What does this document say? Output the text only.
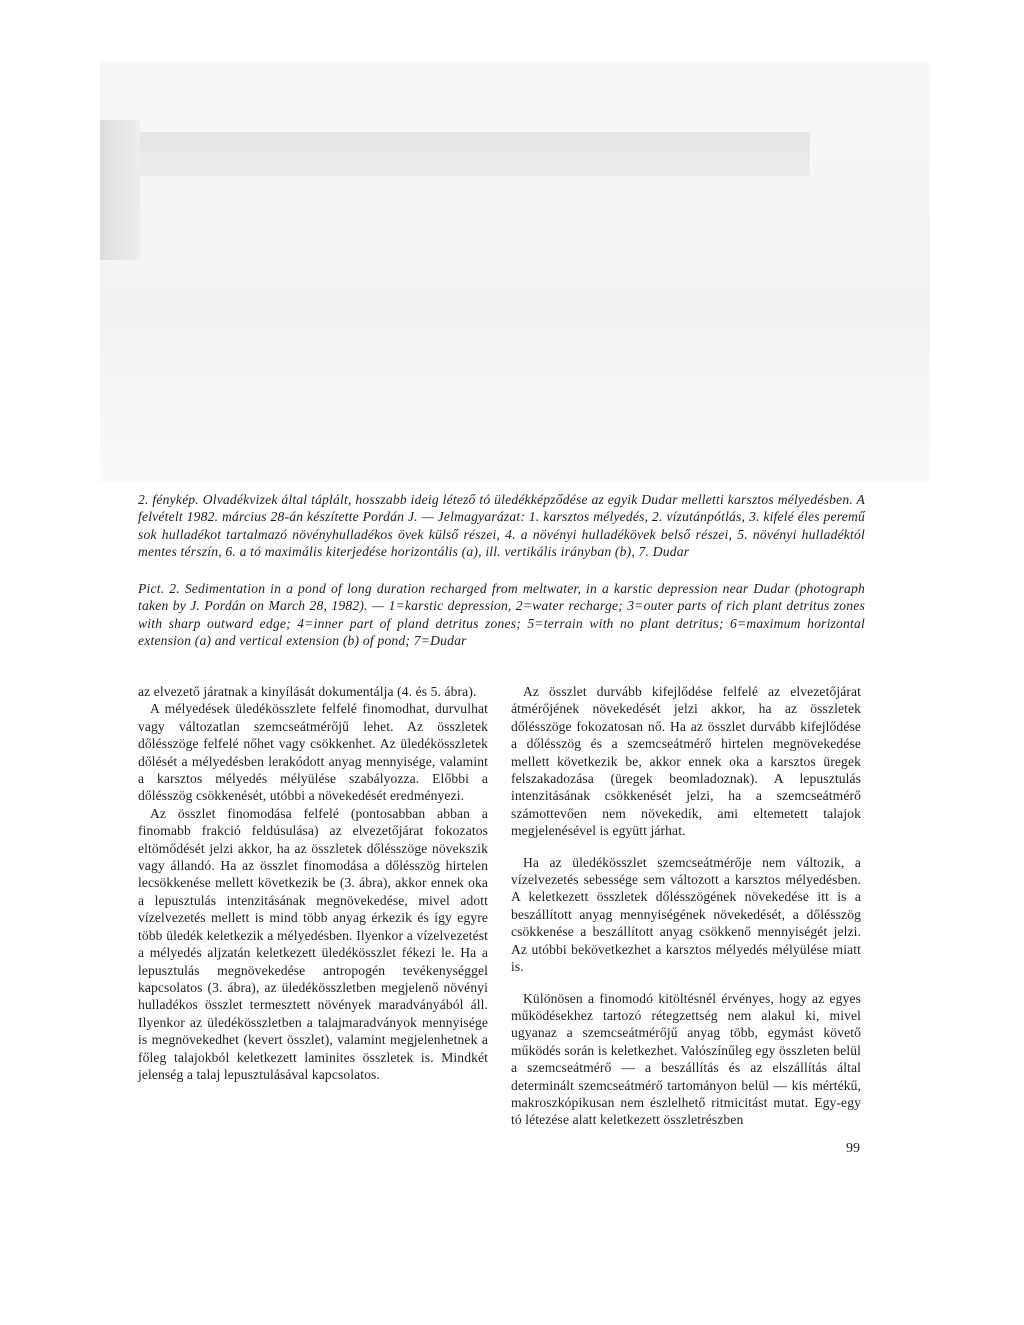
2. fénykép. Olvadékvizek által táplált, hosszabb ideig létező tó üledékképződése az egyik Dudar melletti karsztos mélyedésben. A felvételt 1982. március 28-án készítette Pordán J. — Jelmagyarázat: 1. karsztos mélyedés, 2. vízutánpótlás, 3. kifelé éles peremű sok hulladékot tartalmazó növényhulladékos övek külső részei, 4. a növényi hulladékövek belső részei, 5. növényi hulladéktól mentes térszín, 6. a tó maximális kiterjedése horizontális (a), ill. vertikális irányban (b), 7. Dudar

Pict. 2. Sedimentation in a pond of long duration recharged from meltwater, in a karstic depression near Dudar (photograph taken by J. Pordán on March 28, 1982). — 1=karstic depression, 2=water recharge; 3=outer parts of rich plant detritus zones with sharp outward edge; 4=inner part of pland detritus zones; 5=terrain with no plant detritus; 6=maximum horizontal extension (a) and vertical extension (b) of pond; 7=Dudar

az elvezető járatnak a kinyílását dokumentálja (4. és 5. ábra).

A mélyedések üledékösszlete felfelé finomodhat, durvulhat vagy változatlan szemcseátmérőjű lehet. Az összletek dőlésszöge felfelé nőhet vagy csökkenhet. Az üledékösszletek dőlését a mélyedésben lerakódott anyag mennyisége, valamint a karsztos mélyedés mélyülése szabályozza. Előbbi a dőlésszög csökkenését, utóbbi a növekedését eredményezi.

Az összlet finomodása felfelé (pontosabban abban a finomabb frakció feldúsulása) az elvezetőjárat fokozatos eltömődését jelzi akkor, ha az összletek dőlésszöge növekszik vagy állandó. Ha az összlet finomodása a dőlésszög hirtelen lecsökkenése mellett következik be (3. ábra), akkor ennek oka a lepusztulás intenzitásának megnövekedése, mivel adott vízelvezetés mellett is mind több anyag érkezik és így egyre több üledék keletkezik a mélyedésben. Ilyenkor a vízelvezetést a mélyedés aljzatán keletkezett üledékösszlet fékezi le. Ha a lepusztulás megnövekedése antropogén tevékenységgel kapcsolatos (3. ábra), az üledékösszletben megjelenő növényi hulladékos összlet termesztett növények maradványából áll. Ilyenkor az üledékösszletben a talajmaradványok mennyisége is megnövekedhet (kevert összlet), valamint megjelenhetnek a főleg talajokból keletkezett laminites összletek is. Mindkét jelenség a talaj lepusztulásával kapcsolatos.

Az összlet durvább kifejlődése felfelé az elvezetőjárat átmérőjének növekedését jelzi akkor, ha az összletek dőlésszöge fokozatosan nő. Ha az összlet durvább kifejlődése a dőlésszög és a szemcseátmérő hirtelen megnövekedése mellett következik be, akkor ennek oka a karsztos üregek felszakadozása (üregek beomladoznak). A lepusztulás intenzitásának csökkenését jelzi, ha a szemcseátmérő számottevően nem növekedik, ami eltemetett talajok megjelenésével is együtt járhat.

Ha az üledékösszlet szemcseátmérője nem változik, a vízelvezetés sebessége sem változott a karsztos mélyedésben. A keletkezett összletek dőlésszögének növekedése itt is a beszállított anyag mennyiségének növekedését, a dőlésszög csökkenése a beszállított anyag csökkenő mennyiségét jelzi. Az utóbbi bekövetkezhet a karsztos mélyedés mélyülése miatt is.

Különösen a finomodó kitöltésnél érvényes, hogy az egyes működésekhez tartozó rétegzettség nem alakul ki, mivel ugyanaz a szemcseátmérőjű anyag több, egymást követő működés során is keletkezhet. Valószínűleg egy összleten belül a szemcseátmérő — a beszállítás és az elszállítás által determinált szemcseátmérő tartományon belül — kis mértékű, makroszkópikusan nem észlelhető ritmicitást mutat. Egy-egy tó létezése alatt keletkezett összletrészben

99
